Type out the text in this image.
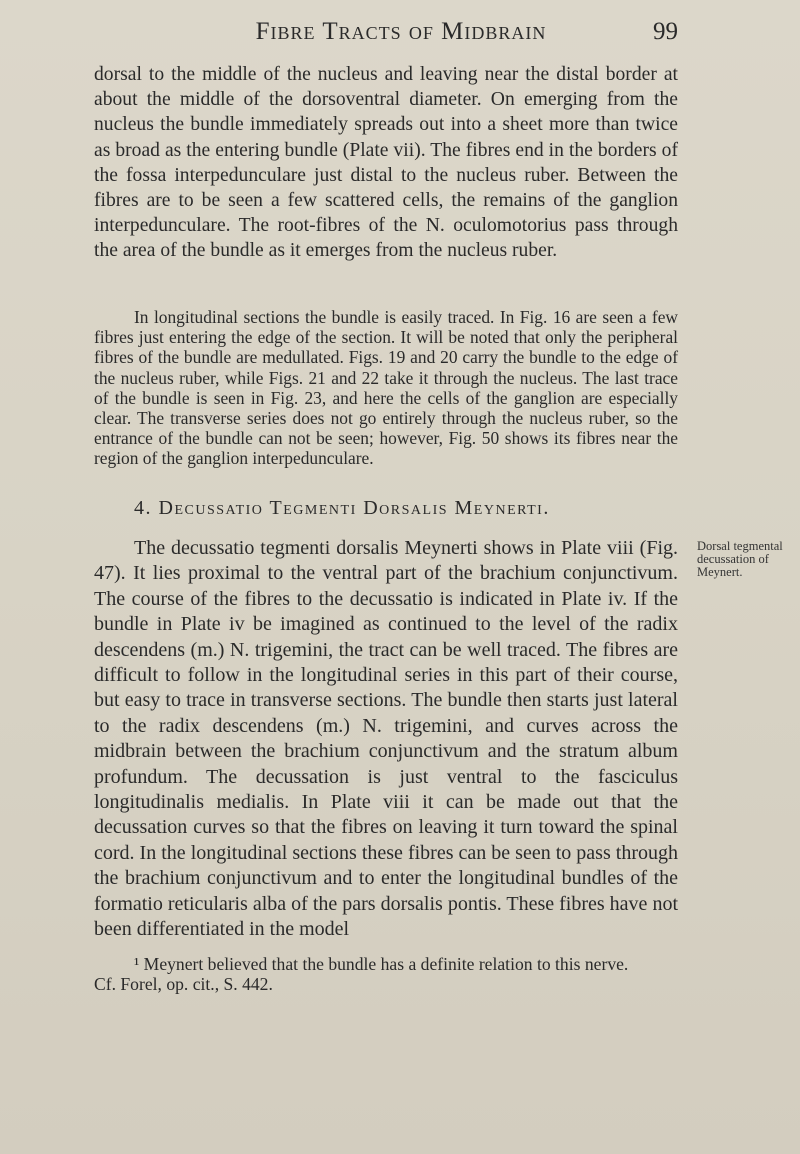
Fibre Tracts of Midbrain	99

dorsal to the middle of the nucleus and leaving near the distal border at about the middle of the dorsoventral diameter. On emerging from the nucleus the bundle immediately spreads out into a sheet more than twice as broad as the entering bundle (Plate vii). The fibres end in the borders of the fossa interpedunculare just distal to the nucleus ruber. Between the fibres are to be seen a few scattered cells, the remains of the ganglion interpedunculare. The root-fibres of the N. oculomotorius pass through the area of the bundle as it emerges from the nucleus ruber.

In longitudinal sections the bundle is easily traced. In Fig. 16 are seen a few fibres just entering the edge of the section. It will be noted that only the peripheral fibres of the bundle are medullated. Figs. 19 and 20 carry the bundle to the edge of the nucleus ruber, while Figs. 21 and 22 take it through the nucleus. The last trace of the bundle is seen in Fig. 23, and here the cells of the ganglion are especially clear. The transverse series does not go entirely through the nucleus ruber, so the entrance of the bundle can not be seen; however, Fig. 50 shows its fibres near the region of the ganglion interpedunculare.

4. Decussatio Tegmenti Dorsalis Meynerti.

The decussatio tegmenti dorsalis Meynerti shows in Plate viii (Fig. 47). It lies proximal to the ventral part of the brachium conjunctivum. The course of the fibres to the decussatio is indicated in Plate iv. If the bundle in Plate iv be imagined as continued to the level of the radix descendens (m.) N. trigemini, the tract can be well traced. The fibres are difficult to follow in the longitudinal series in this part of their course, but easy to trace in transverse sections. The bundle then starts just lateral to the radix descendens (m.) N. trigemini, and curves across the midbrain between the brachium conjunctivum and the stratum album profundum. The decussation is just ventral to the fasciculus longitudinalis medialis. In Plate viii it can be made out that the decussation curves so that the fibres on leaving it turn toward the spinal cord. In the longitudinal sections these fibres can be seen to pass through the brachium conjunctivum and to enter the longitudinal bundles of the formatio reticularis alba of the pars dorsalis pontis. These fibres have not been differentiated in the model

Dorsal tegmental decussation of Meynert.
¹ Meynert believed that the bundle has a definite relation to this nerve.
Cf. Forel, op. cit., S. 442.
